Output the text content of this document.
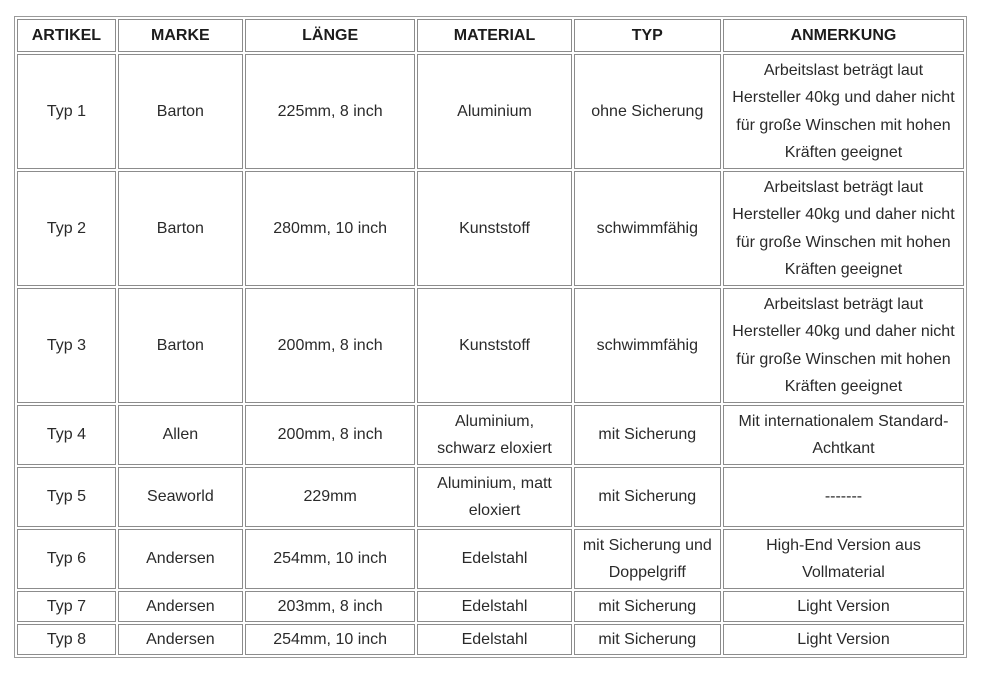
ARTIKEL	MARKE	LÄNGE	MATERIAL	TYP	ANMERKUNG
Typ 1	Barton	225mm, 8 inch	Aluminium	ohne Sicherung	Arbeitslast beträgt laut Hersteller 40kg und daher nicht für große Winschen mit hohen Kräften geeignet
Typ 2	Barton	280mm, 10 inch	Kunststoff	schwimmfähig	Arbeitslast beträgt laut Hersteller 40kg und daher nicht für große Winschen mit hohen Kräften geeignet
Typ 3	Barton	200mm, 8 inch	Kunststoff	schwimmfähig	Arbeitslast beträgt laut Hersteller 40kg und daher nicht für große Winschen mit hohen Kräften geeignet
Typ 4	Allen	200mm, 8 inch	Aluminium, schwarz eloxiert	mit Sicherung	Mit internationalem Standard-Achtkant
Typ 5	Seaworld	229mm	Aluminium, matt eloxiert	mit Sicherung	-------
Typ 6	Andersen	254mm, 10 inch	Edelstahl	mit Sicherung und Doppelgriff	High-End Version aus Vollmaterial
Typ 7	Andersen	203mm, 8 inch	Edelstahl	mit Sicherung	Light Version
Typ 8	Andersen	254mm, 10 inch	Edelstahl	mit Sicherung	Light Version
